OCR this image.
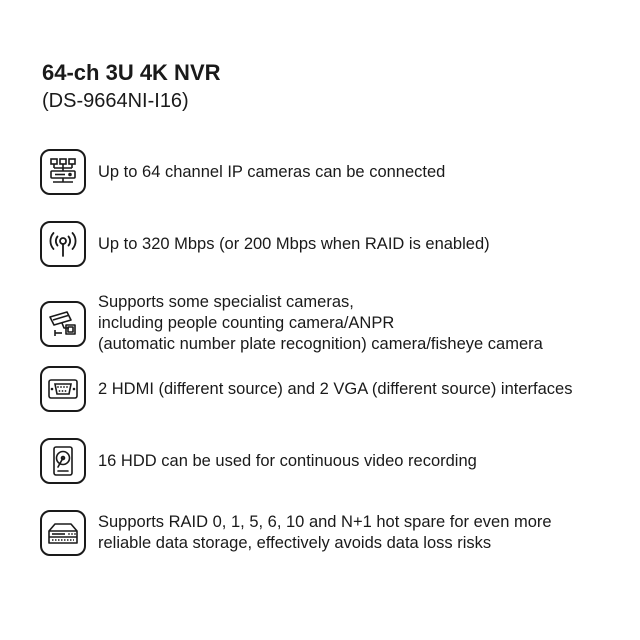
64-ch 3U 4K NVR
(DS-9664NI-I16)
Up to 64 channel IP cameras can be connected
Up to 320 Mbps (or 200 Mbps when RAID is enabled)
Supports some specialist cameras,
including people counting camera/ANPR
(automatic number plate recognition) camera/fisheye camera
2 HDMI (different source) and 2 VGA (different source) interfaces
16 HDD can be used for continuous video recording
Supports RAID 0, 1, 5, 6, 10 and N+1 hot spare for even more
reliable data storage, effectively avoids data loss risks
